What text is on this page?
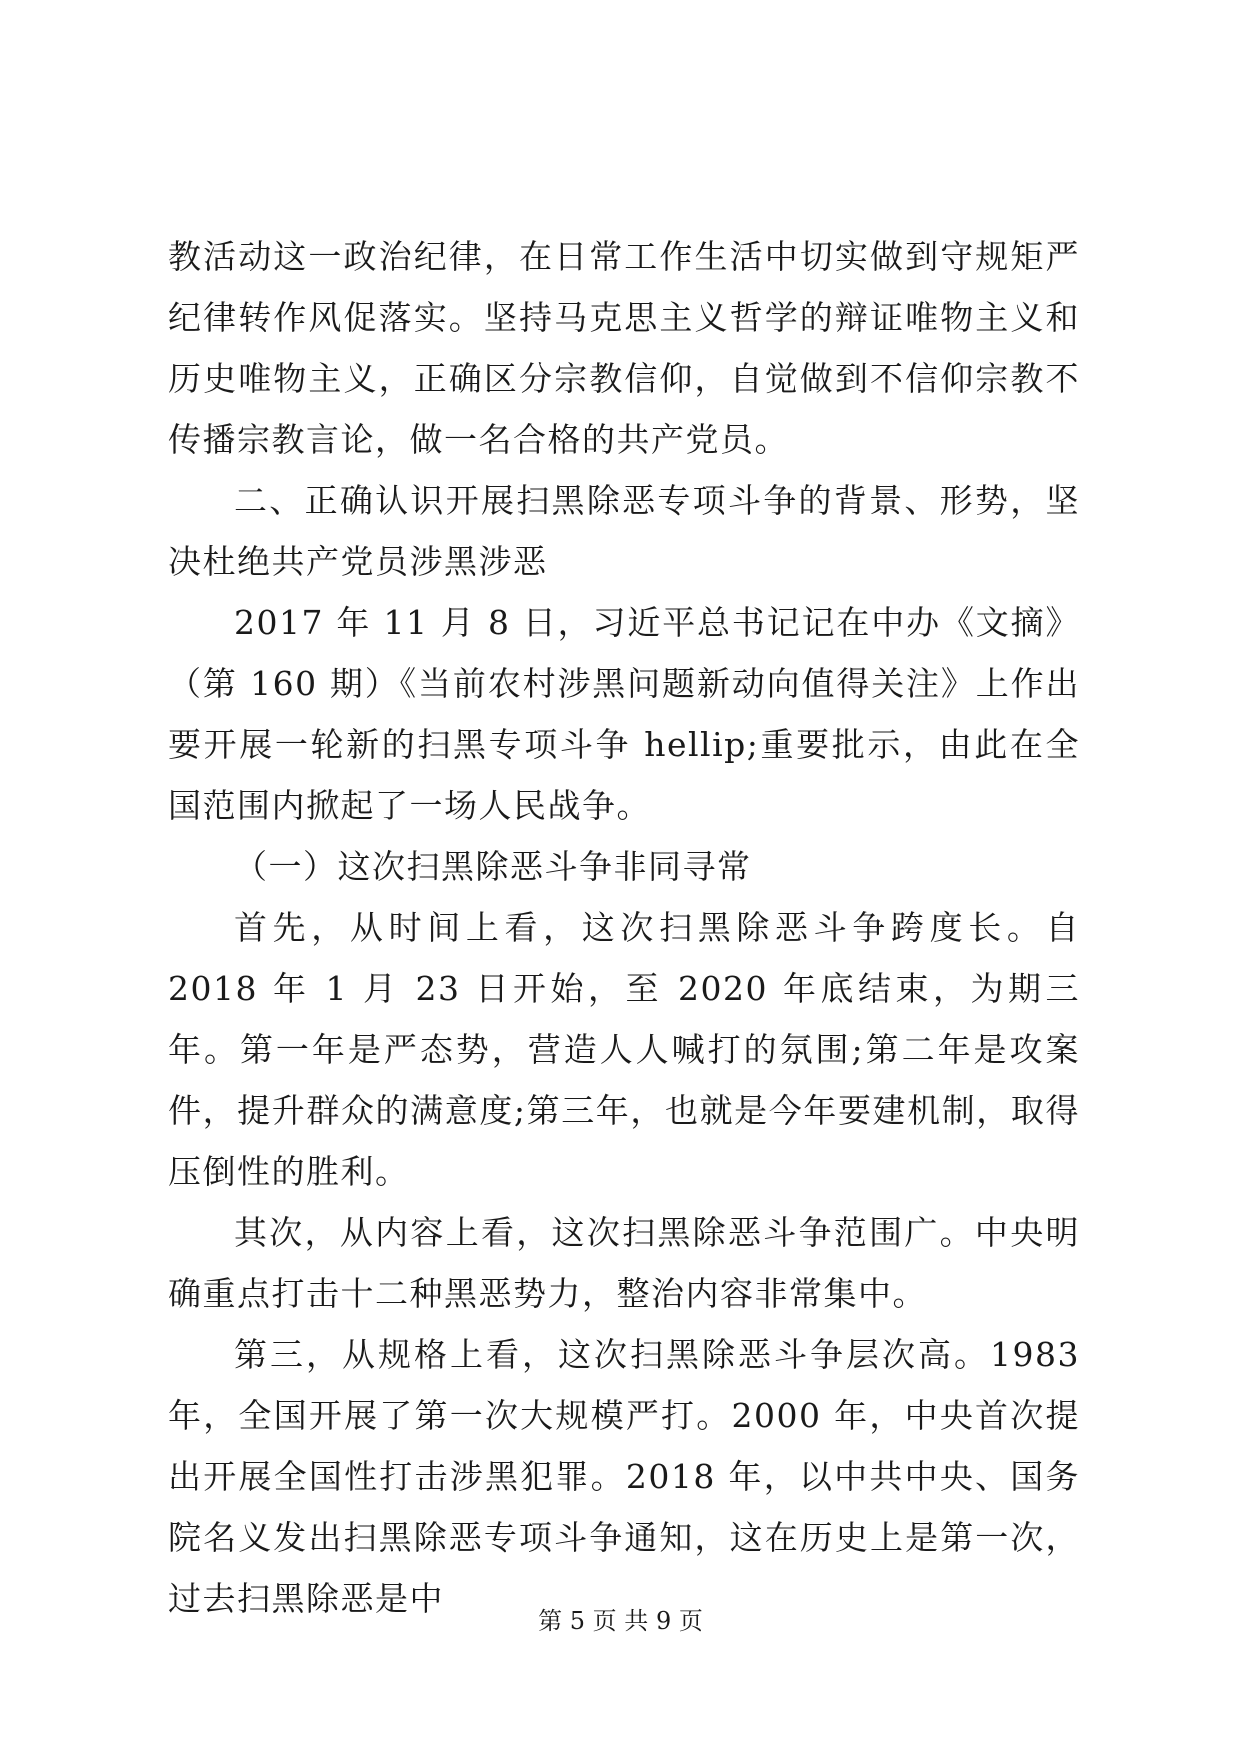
教活动这一政治纪律，在日常工作生活中切实做到守规矩严纪律转作风促落实。坚持马克思主义哲学的辩证唯物主义和历史唯物主义，正确区分宗教信仰，自觉做到不信仰宗教不传播宗教言论，做一名合格的共产党员。

二、正确认识开展扫黑除恶专项斗争的背景、形势，坚决杜绝共产党员涉黑涉恶

2017 年 11 月 8 日，习近平总书记记在中办《文摘》（第 160 期）《当前农村涉黑问题新动向值得关注》上作出要开展一轮新的扫黑专项斗争 hellip;重要批示，由此在全国范围内掀起了一场人民战争。

（一）这次扫黑除恶斗争非同寻常

首先，从时间上看，这次扫黑除恶斗争跨度长。自 2018 年 1 月 23 日开始，至 2020 年底结束，为期三年。第一年是严态势，营造人人喊打的氛围;第二年是攻案件，提升群众的满意度;第三年，也就是今年要建机制，取得压倒性的胜利。

其次，从内容上看，这次扫黑除恶斗争范围广。中央明确重点打击十二种黑恶势力，整治内容非常集中。

第三，从规格上看，这次扫黑除恶斗争层次高。1983 年，全国开展了第一次大规模严打。2000 年，中央首次提出开展全国性打击涉黑犯罪。2018 年，以中共中央、国务院名义发出扫黑除恶专项斗争通知，这在历史上是第一次，过去扫黑除恶是中

第 5 页 共 9 页
